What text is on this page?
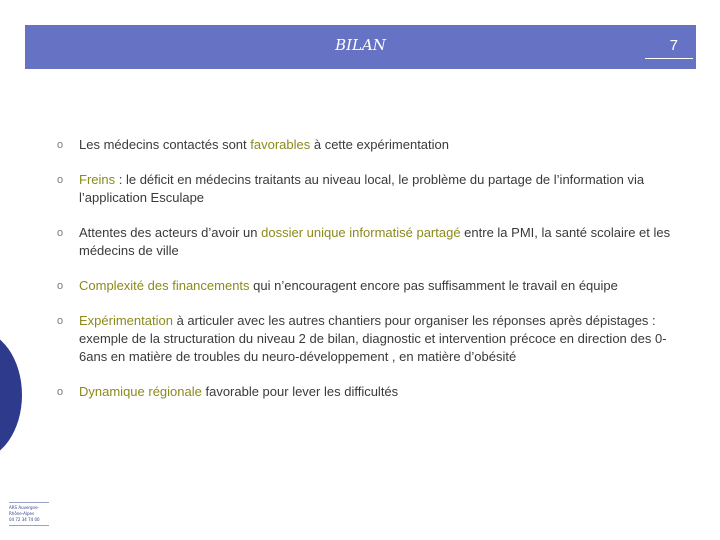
BILAN	7
o Les médecins contactés sont favorables à cette expérimentation
o Freins : le déficit en médecins traitants au niveau local, le problème du partage de l’information via l’application Esculape
o Attentes des acteurs d’avoir un dossier unique informatisé partagé entre la PMI, la santé scolaire et les médecins de ville
o Complexité des financements qui n’encouragent encore pas suffisamment le travail en équipe
o Expérimentation à articuler avec les autres chantiers pour organiser les réponses après dépistages : exemple de la structuration du niveau 2 de bilan, diagnostic et intervention précoce en direction des 0-6ans en matière de troubles du neuro-développement , en matière d’obésité
o Dynamique régionale favorable pour lever les difficultés
ARS Auvergne-
Rhône-Alpes
04 72 34 74 00
